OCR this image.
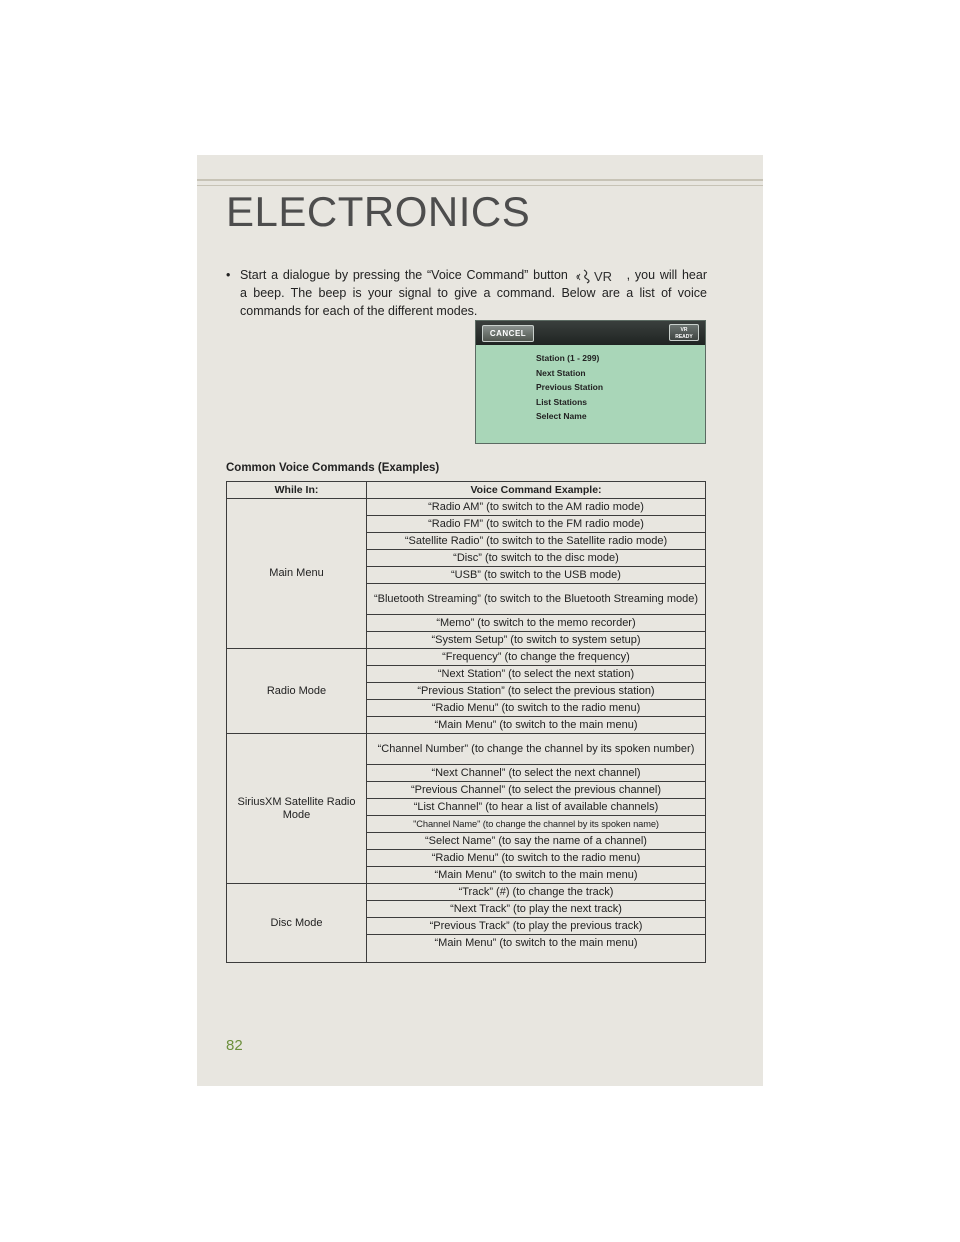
ELECTRONICS
• Start a dialogue by pressing the “Voice Command” button VR , you will hear
a beep. The beep is your signal to give a command. Below are a list of voice
commands for each of the different modes.
CANCEL	VR
READY
Station (1 - 299)
Next Station
Previous Station
List Stations
Select Name
Common Voice Commands (Examples)
While In:	Voice Command Example:
Main Menu	“Radio AM” (to switch to the AM radio mode)
	“Radio FM” (to switch to the FM radio mode)
	“Satellite Radio” (to switch to the Satellite radio mode)
	“Disc” (to switch to the disc mode)
	“USB” (to switch to the USB mode)
	“Bluetooth Streaming” (to switch to the Bluetooth Streaming mode)
	“Memo” (to switch to the memo recorder)
	“System Setup” (to switch to system setup)
Radio Mode	“Frequency” (to change the frequency)
	“Next Station” (to select the next station)
	“Previous Station” (to select the previous station)
	“Radio Menu” (to switch to the radio menu)
	“Main Menu” (to switch to the main menu)
SiriusXM Satellite Radio Mode	“Channel Number” (to change the channel by its spoken number)
	“Next Channel” (to select the next channel)
	“Previous Channel” (to select the previous channel)
	“List Channel” (to hear a list of available channels)
	"Channel Name" (to change the channel by its spoken name)
	“Select Name” (to say the name of a channel)
	“Radio Menu” (to switch to the radio menu)
	“Main Menu” (to switch to the main menu)
Disc Mode	“Track” (#) (to change the track)
	“Next Track” (to play the next track)
	“Previous Track” (to play the previous track)
	“Main Menu” (to switch to the main menu)
82
